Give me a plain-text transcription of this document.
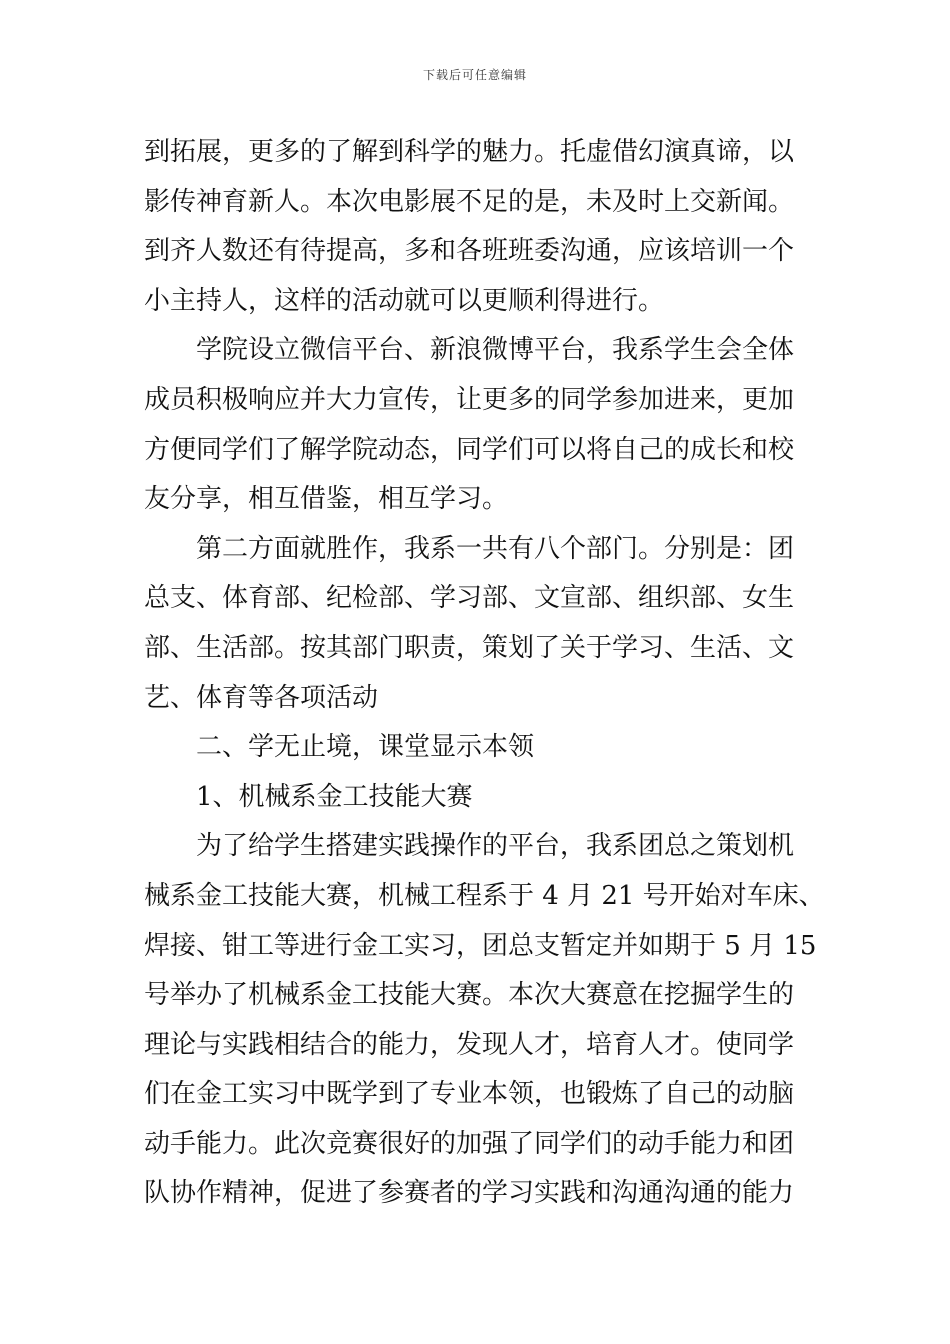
下载后可任意编辑
到拓展，更多的了解到科学的魅力。托虚借幻演真谛，以
影传神育新人。本次电影展不足的是，未及时上交新闻。
到齐人数还有待提高，多和各班班委沟通，应该培训一个
小主持人，这样的活动就可以更顺利得进行。
　　学院设立微信平台、新浪微博平台，我系学生会全体
成员积极响应并大力宣传，让更多的同学参加进来，更加
方便同学们了解学院动态，同学们可以将自己的成长和校
友分享，相互借鉴，相互学习。
　　第二方面就胜作，我系一共有八个部门。分别是：团
总支、体育部、纪检部、学习部、文宣部、组织部、女生
部、生活部。按其部门职责，策划了关于学习、生活、文
艺、体育等各项活动
　　二、学无止境，课堂显示本领
　　1、机械系金工技能大赛
　　为了给学生搭建实践操作的平台，我系团总之策划机
械系金工技能大赛，机械工程系于 4 月 21 号开始对车床、
焊接、钳工等进行金工实习，团总支暂定并如期于 5 月 15
号举办了机械系金工技能大赛。本次大赛意在挖掘学生的
理论与实践相结合的能力，发现人才，培育人才。使同学
们在金工实习中既学到了专业本领，也锻炼了自己的动脑
动手能力。此次竞赛很好的加强了同学们的动手能力和团
队协作精神，促进了参赛者的学习实践和沟通沟通的能力
